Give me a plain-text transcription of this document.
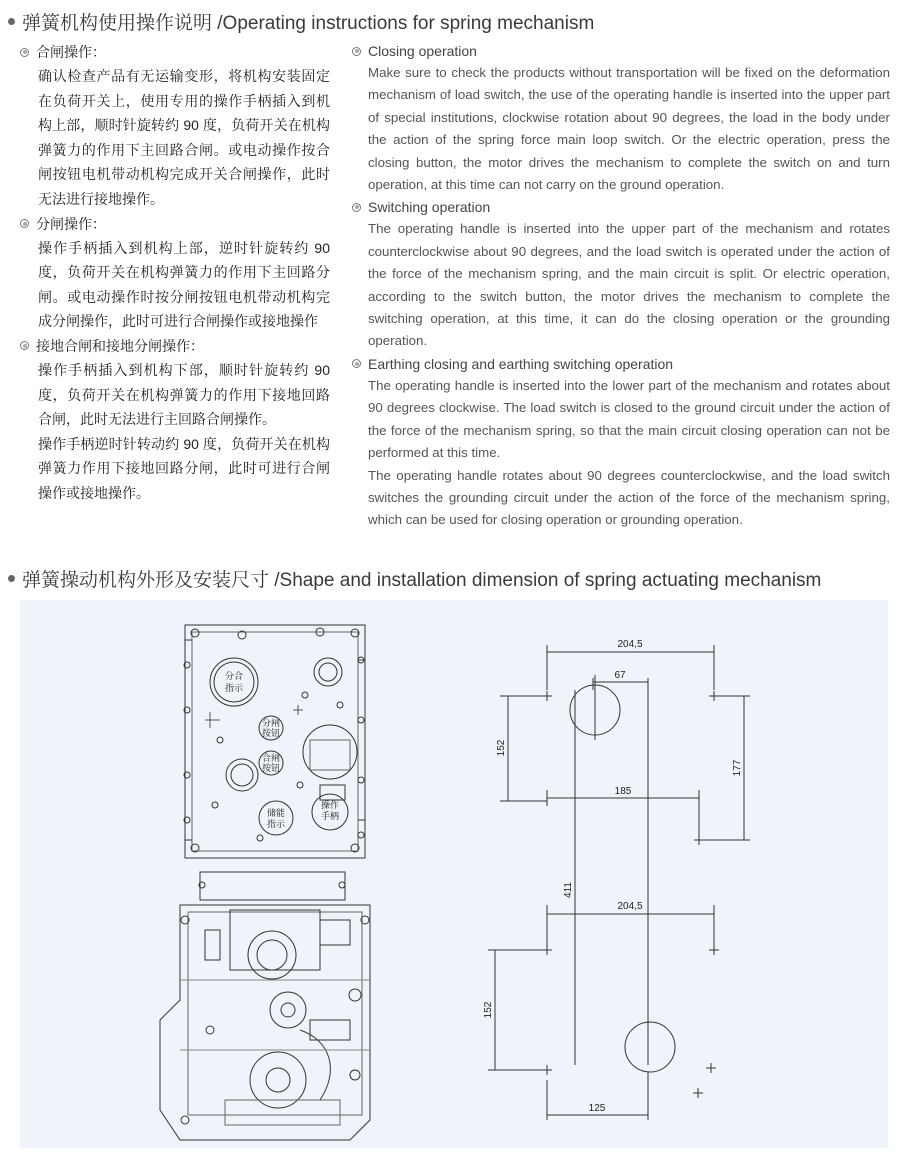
弹簧机构使用操作说明 /Operating instructions for spring mechanism
合闸操作：

确认检查产品有无运输变形，将机构安装固定在负荷开关上，使用专用的操作手柄插入到机构上部，顺时针旋转约 90 度，负荷开关在机构弹簧力的作用下主回路合闸。或电动操作按合闸按钮电机带动机构完成开关合闸操作，此时无法进行接地操作。

分闸操作：

操作手柄插入到机构上部，逆时针旋转约 90 度，负荷开关在机构弹簧力的作用下主回路分闸。或电动操作时按分闸按钮电机带动机构完成分闸操作，此时可进行合闸操作或接地操作

接地合闸和接地分闸操作：

操作手柄插入到机构下部，顺时针旋转约 90 度，负荷开关在机构弹簧力的作用下接地回路合闸，此时无法进行主回路合闸操作。

操作手柄逆时针转动约 90 度，负荷开关在机构弹簧力作用下接地回路分闸，此时可进行合闸操作或接地操作。

Closing operation

Make sure to check the products without transportation will be fixed on the deformation mechanism of load switch, the use of the operating handle is inserted into the upper part of special institutions, clockwise rotation about 90 degrees, the load in the body under the action of the spring force main loop switch. Or the electric operation, press the closing button, the motor drives the mechanism to complete the switch on and turn operation, at this time can not carry on the ground operation.

Switching operation

The operating handle is inserted into the upper part of the mechanism and rotates counterclockwise about 90 degrees, and the load switch is operated under the action of the force of the mechanism spring, and the main circuit is split. Or electric operation, according to the switch button, the motor drives the mechanism to complete the switching operation, at this time, it can do the closing operation or the grounding operation.

Earthing closing and earthing switching operation

The operating handle is inserted into the lower part of the mechanism and rotates about 90 degrees clockwise. The load switch is closed to the ground circuit under the action of the force of the mechanism spring, so that the main circuit closing operation can not be performed at this time.

The operating handle rotates about 90 degrees counterclockwise, and the load switch switches the grounding circuit under the action of the force of the mechanism spring, which can be used for closing operation or grounding operation.

弹簧操动机构外形及安装尺寸 /Shape and installation dimension of spring actuating mechanism
分合
指示
分闸
按钮
合闸
按钮
储能
指示
操作
手柄
204,5
67
152
185
177
411
204,5
152
125
